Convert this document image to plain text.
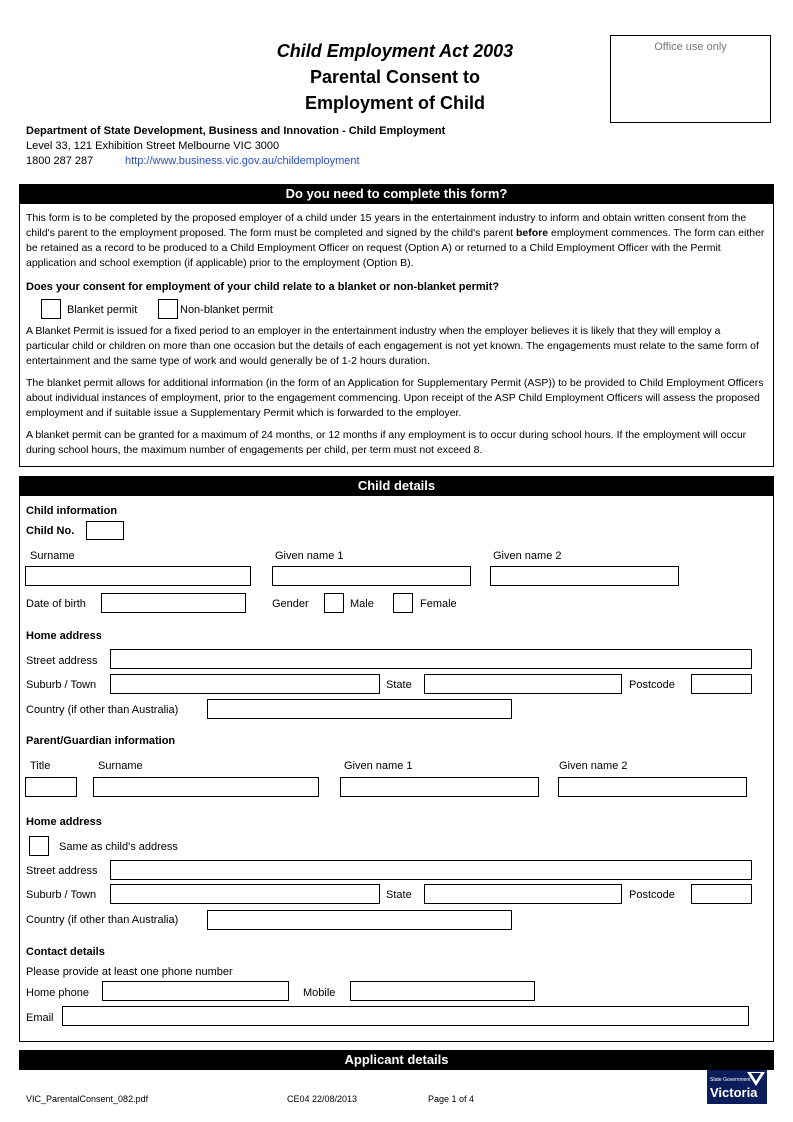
Child Employment Act 2003
Parental Consent to
Employment of Child
Office use only
Department of State Development, Business and Innovation - Child Employment
Level 33, 121 Exhibition Street Melbourne VIC 3000
1800 287 287	http://www.business.vic.gov.au/childemployment
Do you need to complete this form?
This form is to be completed by the proposed employer of a child under 15 years in the entertainment industry to inform and obtain written consent from the child's parent to the employment proposed. The form must be completed and signed by the child's parent before employment commences. The form can either be retained as a record to be produced to a Child Employment Officer on request (Option A) or returned to a Child Employment Officer with the Permit application and school exemption (if applicable) prior to the employment (Option B).
Does your consent for employment of your child relate to a blanket or non-blanket permit?
Blanket permit	Non-blanket permit
A Blanket Permit is issued for a fixed period to an employer in the entertainment industry when the employer believes it is likely that they will employ a particular child or children on more than one occasion but the details of each engagement is not yet known. The engagements must relate to the same form of entertainment and the same type of work and would generally be of 1-2 hours duration.
The blanket permit allows for additional information (in the form of an Application for Supplementary Permit (ASP)) to be provided to Child Employment Officers about individual instances of employment, prior to the engagement commencing. Upon receipt of the ASP Child Employment Officers will assess the proposed employment and if suitable issue a Supplementary Permit which is forwarded to the employer.
A blanket permit can be granted for a maximum of 24 months, or 12 months if any employment is to occur during school hours. If the employment will occur during school hours, the maximum number of engagements per child, per term must not exceed 8.
Child details
Child information
Child No.
Surname	Given name 1	Given name 2
Date of birth	Gender	Male	Female
Home address
Street address
Suburb / Town	State	Postcode
Country (if other than Australia)
Parent/Guardian information
Title	Surname	Given name 1	Given name 2
Home address
Same as child's address
Street address
Suburb / Town	State	Postcode
Country (if other than Australia)
Contact details
Please provide at least one phone number
Home phone	Mobile
Email
Applicant details
VIC_ParentalConsent_082.pdf	CE04 22/08/2013	Page 1 of 4
State Government
Victoria
